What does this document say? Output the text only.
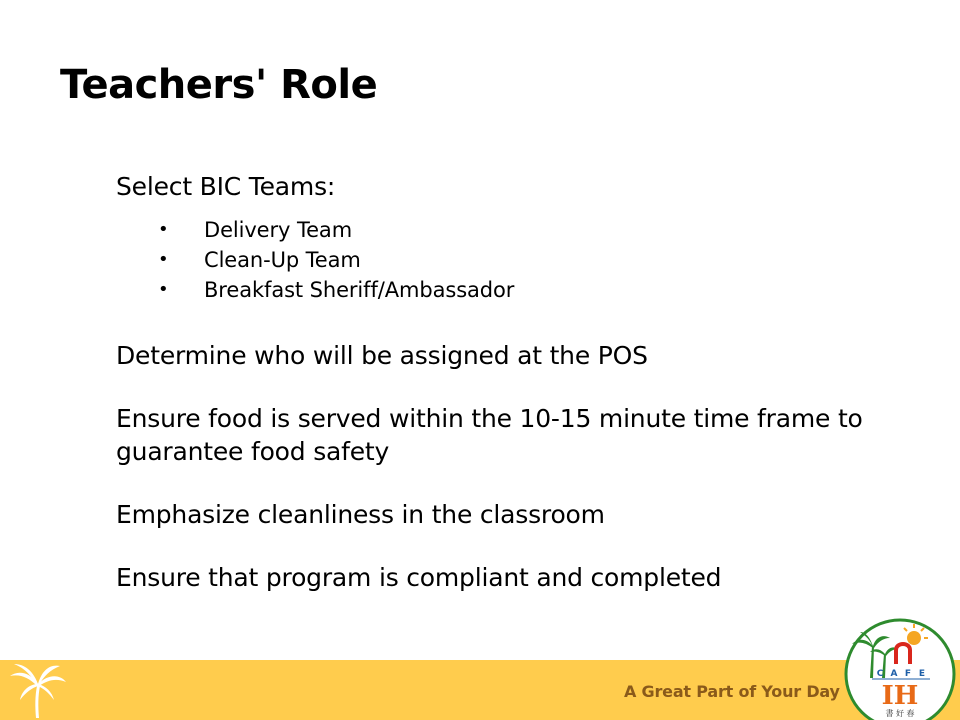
Teachers' Role

Select BIC Teams:

• Delivery Team
• Clean-Up Team
• Breakfast Sheriff/Ambassador

Determine who will be assigned at the POS

Ensure food is served within the 10-15 minute time frame to guarantee food safety

Emphasize cleanliness in the classroom

Ensure that program is compliant and completed

A Great Part of Your Day
C A F E
IH
書 好 春
